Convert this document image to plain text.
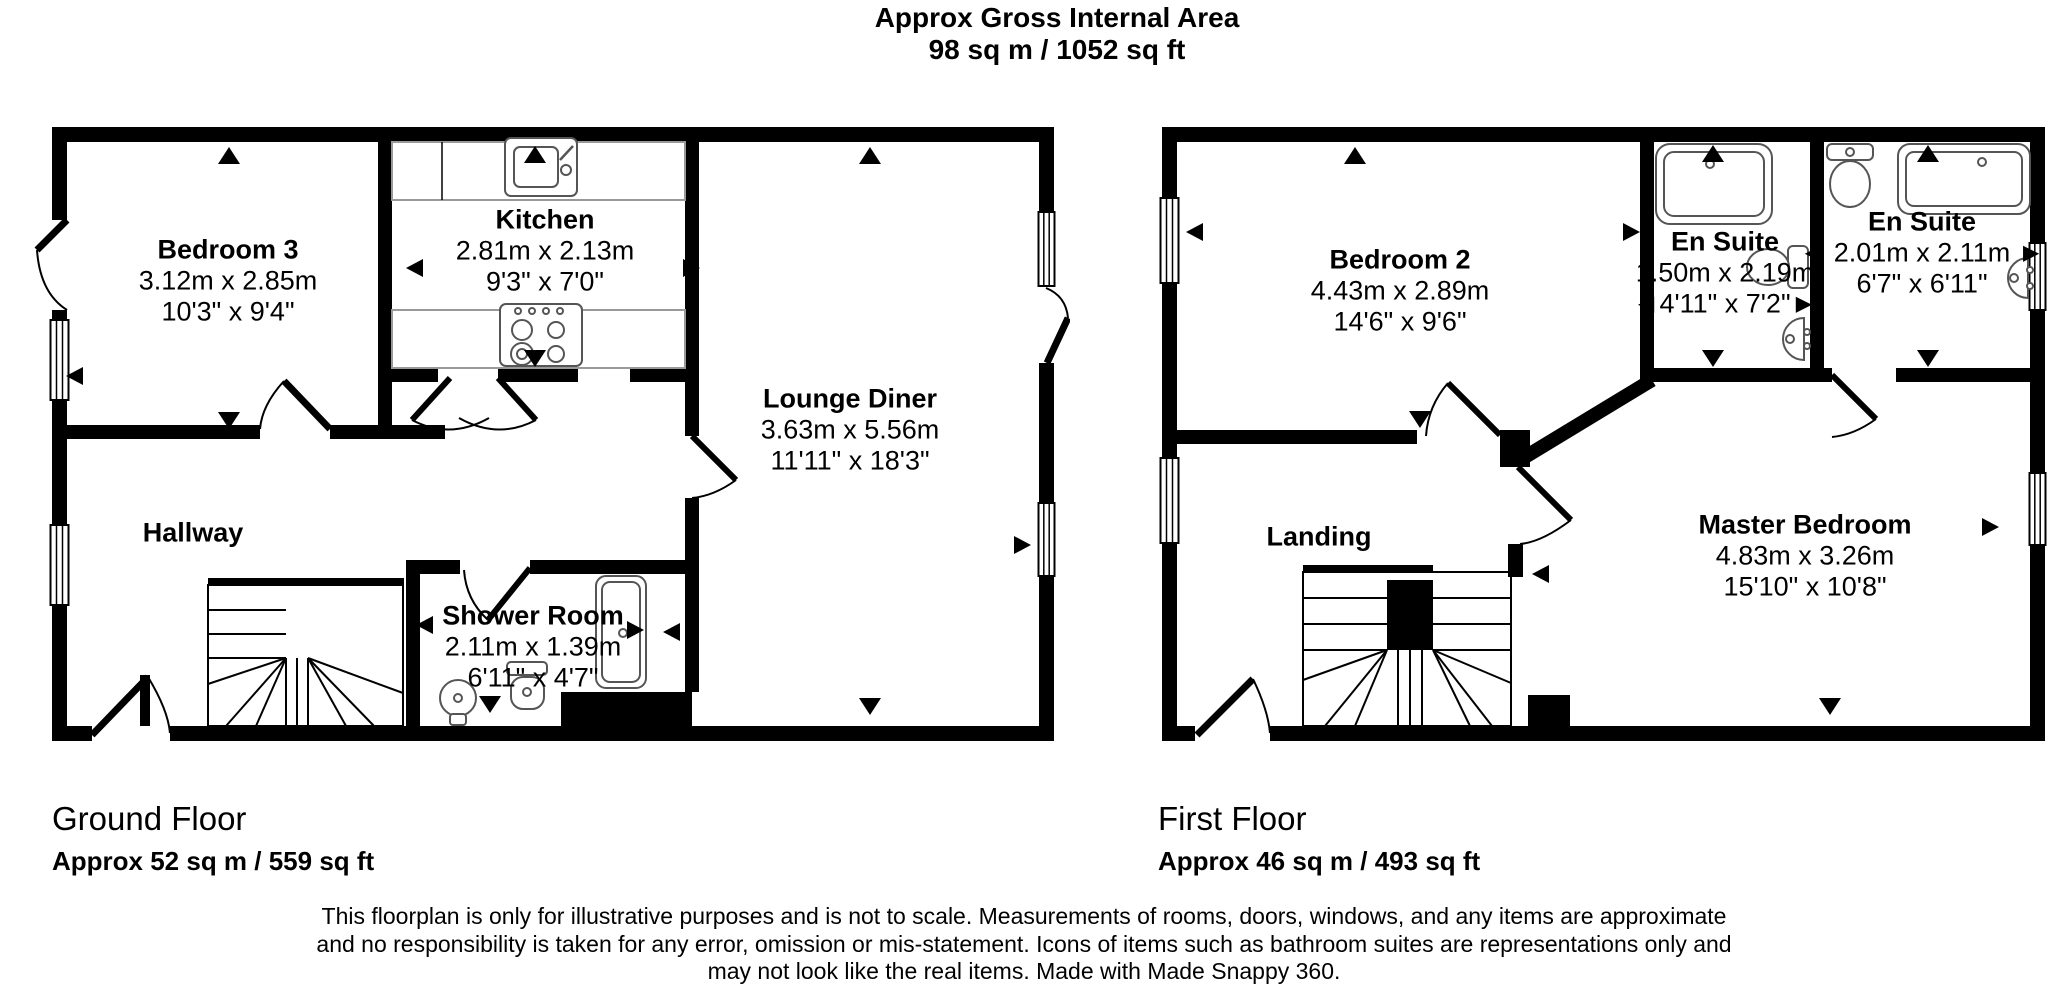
Approx Gross Internal Area
98 sq m / 1052 sq ft
Bedroom 3
3.12m x 2.85m
10'3" x 9'4"
Kitchen
2.81m x 2.13m
9'3" x 7'0"
Lounge Diner
3.63m x 5.56m
11'11" x 18'3"
Hallway
Shower Room
2.11m x 1.39m
6'11" x 4'7"
Bedroom 2
4.43m x 2.89m
14'6" x 9'6"
En Suite
1.50m x 2.19m
◄4'11" x 7'2"►
En Suite
◄ 2.01m x 2.11m ►
6'7" x 6'11"
Landing	Master Bedroom
4.83m x 3.26m
15'10" x 10'8"
Ground Floor
Approx 52 sq m / 559 sq ft
First Floor
Approx 46 sq m / 493 sq ft
This floorplan is only for illustrative purposes and is not to scale. Measurements of rooms, doors, windows, and any items are approximate
and no responsibility is taken for any error, omission or mis-statement. Icons of items such as bathroom suites are representations only and
may not look like the real items. Made with Made Snappy 360.
